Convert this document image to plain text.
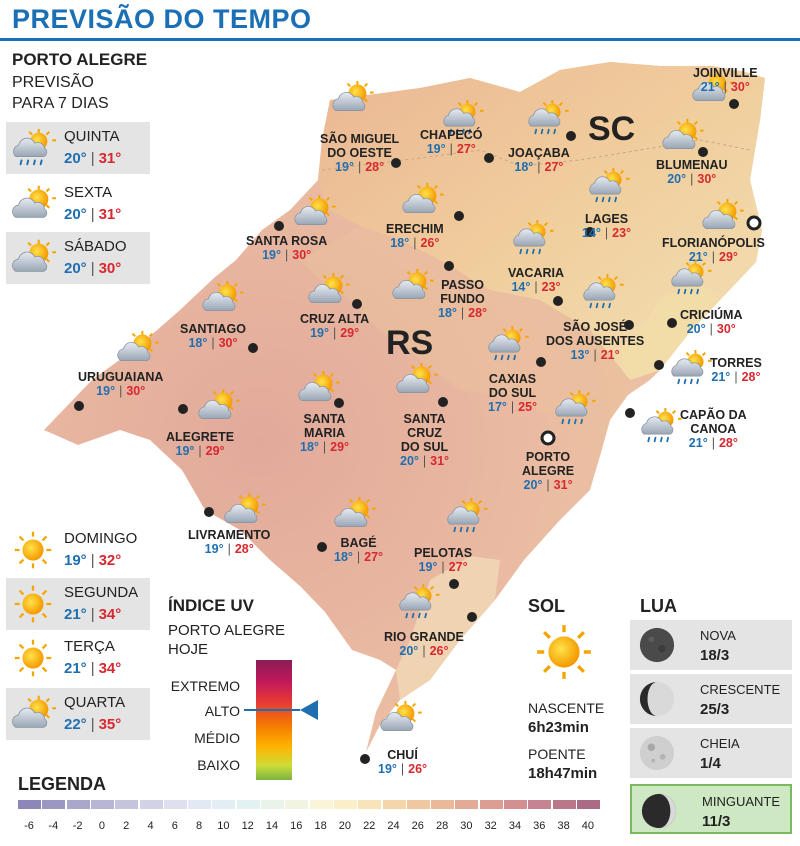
PREVISÃO DO TEMPO
SC
RS
JOINVILLE
21° | 30°
SÃO MIGUEL
DO OESTE
19° | 28°
CHAPECÓ
19° | 27°	JOAÇABA
18° | 27°	BLUMENAU
20° | 30°
SANTA ROSA
19° | 30°
ERECHIM
18° | 26°
LAGES
14° | 23°
FLORIANÓPOLIS
21° | 29°
VACARIA
14° | 23°
PASSO
FUNDO
18° | 28°	CRICIÚMA
20° | 30°
SANTIAGO
18° | 30°
CRUZ ALTA
19° | 29°	SÃO JOSÉ
DOS AUSENTES
13° | 21°
URUGUAIANA
19° | 30°
TORRES
21° | 28°
CAXIAS
DO SUL
17° | 25°
SANTA
MARIA
18° | 29°
SANTA
CRUZ
DO SUL
20° | 31°
ALEGRETE
19° | 29°
CAPÃO DA
CANOA
21° | 28°
PORTO
ALEGRE
20° | 31°
LIVRAMENTO
19° | 28°	BAGÉ
18° | 27° PELOTAS
19° | 27°
RIO GRANDE
20° | 26°
CHUÍ
19° | 26°
PORTO ALEGRE
PREVISÃO
PARA 7 DIAS
QUINTA
20° | 31°
SEXTA
20° | 31°
SÁBADO
20° | 30°
DOMINGO
19° | 32°
SEGUNDA
21° | 34°
TERÇA
21° | 34°
QUARTA
22° | 35°
ÍNDICE UV
PORTO ALEGRE
HOJE
EXTREMO
ALTO
MÉDIO
BAIXO
SOL
NASCENTE
6h23min
POENTE
18h47min
LUA
NOVA
18/3
CRESCENTE
25/3
CHEIA
1/4
MINGUANTE
11/3
LEGENDA
-6	-4	-2	0	2	4	6	8	10	12	14	16	18	20	22	24	26	28	30	32	34	36	38	40
